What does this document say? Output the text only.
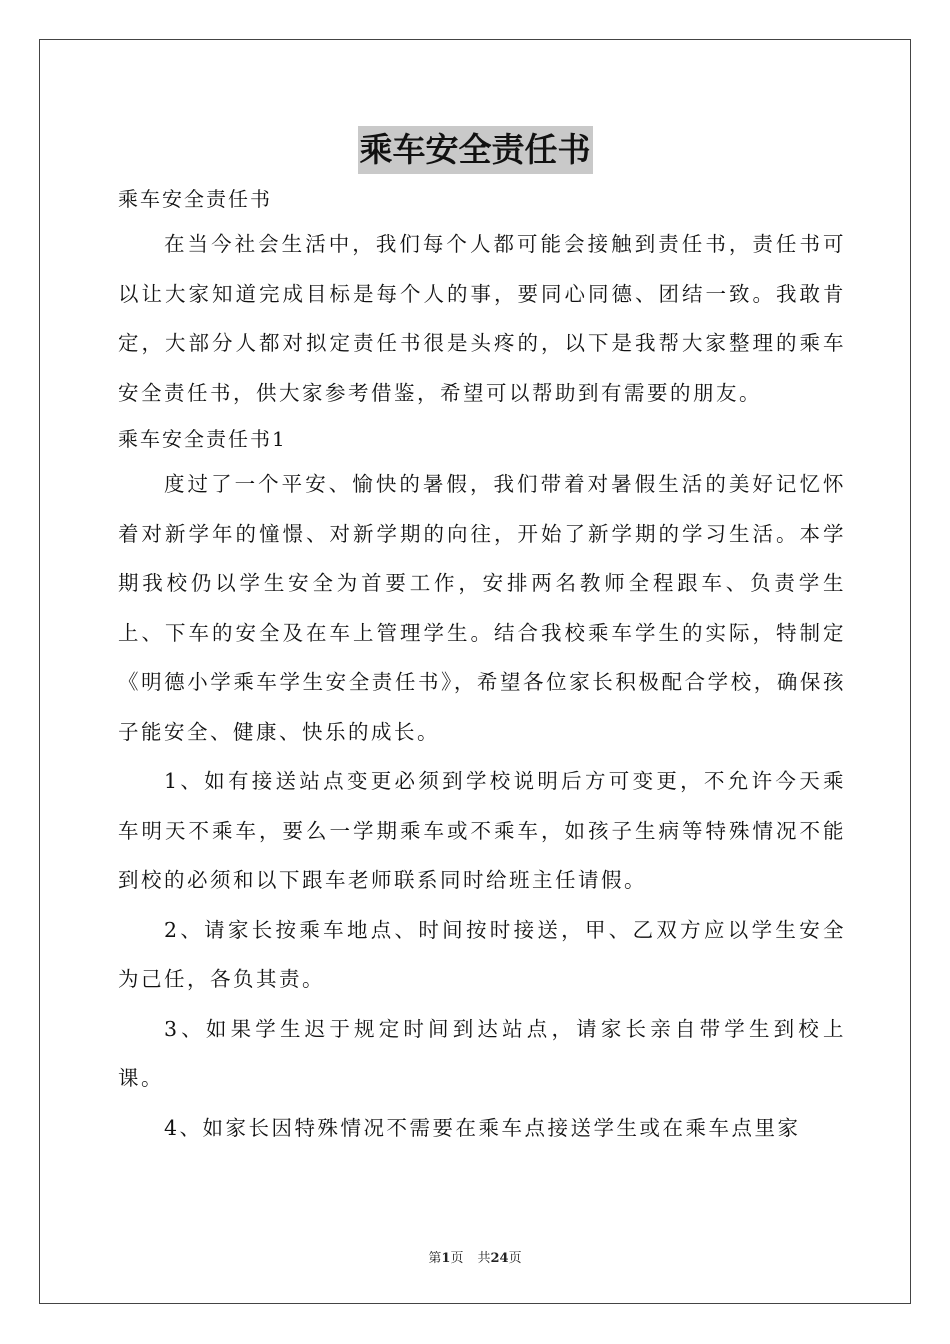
乘车安全责任书

乘车安全责任书

在当今社会生活中，我们每个人都可能会接触到责任书，责任书可以让大家知道完成目标是每个人的事，要同心同德、团结一致。我敢肯定，大部分人都对拟定责任书很是头疼的，以下是我帮大家整理的乘车安全责任书，供大家参考借鉴，希望可以帮助到有需要的朋友。

乘车安全责任书1

度过了一个平安、愉快的暑假，我们带着对暑假生活的美好记忆怀着对新学年的憧憬、对新学期的向往，开始了新学期的学习生活。本学期我校仍以学生安全为首要工作，安排两名教师全程跟车、负责学生上、下车的安全及在车上管理学生。结合我校乘车学生的实际，特制定《明德小学乘车学生安全责任书》，希望各位家长积极配合学校，确保孩子能安全、健康、快乐的成长。

1、如有接送站点变更必须到学校说明后方可变更，不允许今天乘车明天不乘车，要么一学期乘车或不乘车，如孩子生病等特殊情况不能到校的必须和以下跟车老师联系同时给班主任请假。

2、请家长按乘车地点、时间按时接送，甲、乙双方应以学生安全为己任，各负其责。

3、如果学生迟于规定时间到达站点，请家长亲自带学生到校上课。

4、如家长因特殊情况不需要在乘车点接送学生或在乘车点里家

第1页 共24页
